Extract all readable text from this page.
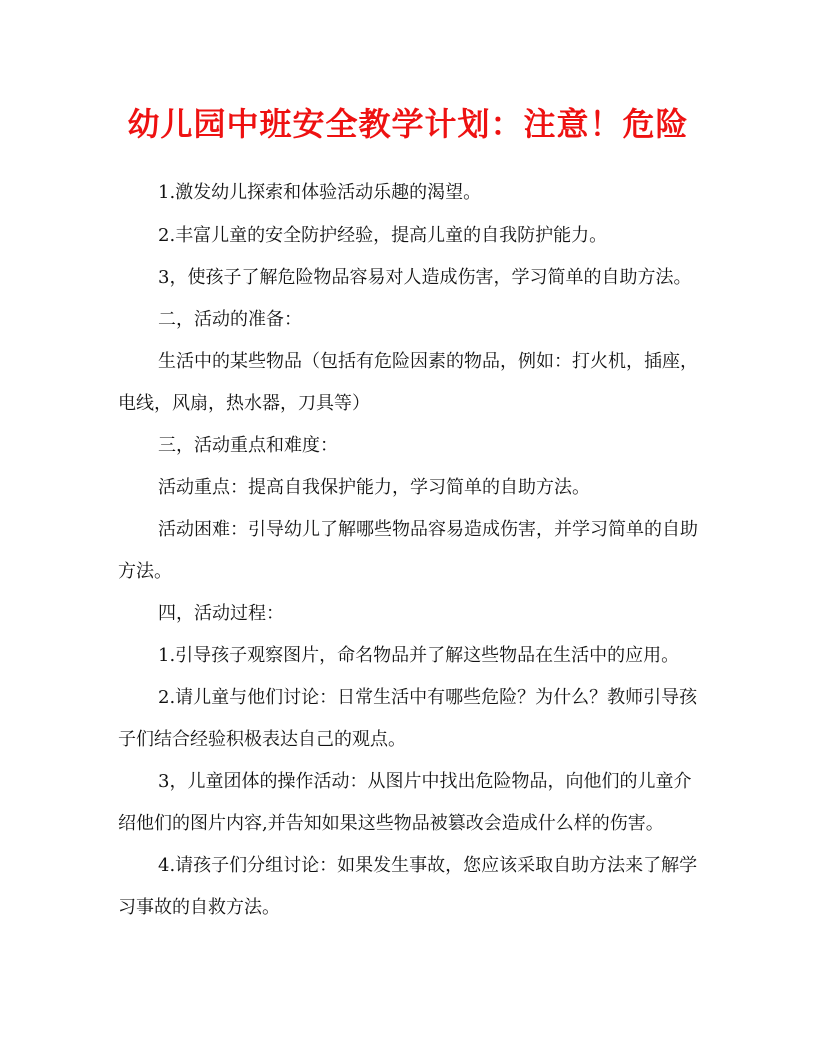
幼儿园中班安全教学计划：注意！危险

1.激发幼儿探索和体验活动乐趣的渴望。

2.丰富儿童的安全防护经验，提高儿童的自我防护能力。

3，使孩子了解危险物品容易对人造成伤害，学习简单的自助方法。

二，活动的准备：

生活中的某些物品（包括有危险因素的物品，例如：打火机，插座，电线，风扇，热水器，刀具等）

三，活动重点和难度：

活动重点：提高自我保护能力，学习简单的自助方法。

活动困难：引导幼儿了解哪些物品容易造成伤害，并学习简单的自助方法。

四，活动过程：

1.引导孩子观察图片，命名物品并了解这些物品在生活中的应用。

2.请儿童与他们讨论：日常生活中有哪些危险？为什么？教师引导孩子们结合经验积极表达自己的观点。

3，儿童团体的操作活动：从图片中找出危险物品，向他们的儿童介绍他们的图片内容,并告知如果这些物品被篡改会造成什么样的伤害。

4.请孩子们分组讨论：如果发生事故，您应该采取自助方法来了解学习事故的自救方法。
